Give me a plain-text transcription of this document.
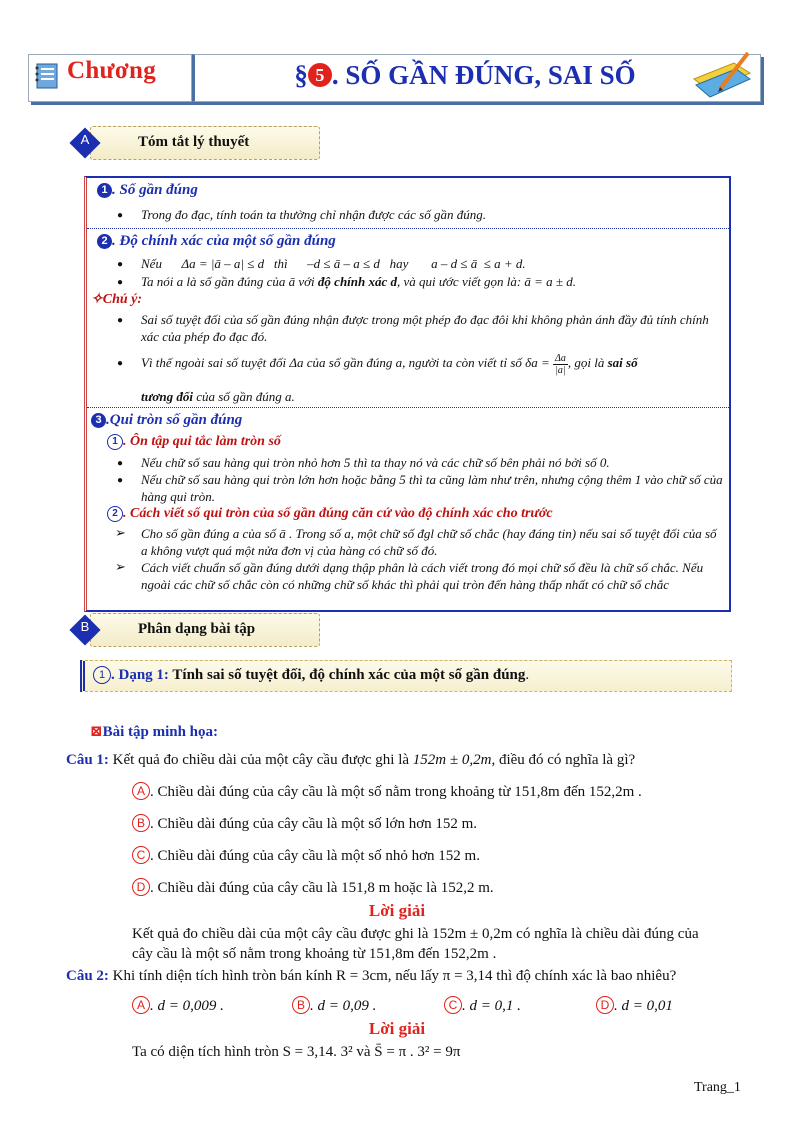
Chương	§ 5 . SỐ GẦN ĐÚNG, SAI SỐ
A	Tóm tắt lý thuyết
1 . Số gần đúng
● Trong đo đạc, tính toán ta thường chỉ nhận được các số gần đúng.
2 . Độ chính xác của một số gần đúng
● Nếu      Δa = |ā – a| ≤ d   thì      –d ≤ ā – a ≤ d   hay       a – d ≤ ā  ≤ a + d.
● Ta nói a là số gần đúng của ā với độ chính xác d, và qui ước viết gọn là: ā = a ± d.
✧Chú ý:
● Sai số tuyệt đối của số gần đúng nhận được trong một phép đo đạc đôi khi không phản ánh đầy đủ tính chính xác của phép đo đạc đó.
● Vì thế ngoài sai số tuyệt đối Δa của số gần đúng a, người ta còn viết tỉ số $\delta a = \frac{\Delta a}{|a|}$, gọi là sai số
tương đối của số gần đúng a.
3 .Qui tròn số gần đúng
1 . Ôn tập qui tắc làm tròn số
● Nếu chữ số sau hàng qui tròn nhỏ hơn 5 thì ta thay nó và các chữ số bên phải nó bởi số 0.
● Nếu chữ số sau hàng qui tròn lớn hơn hoặc bằng 5 thì ta cũng làm như trên, nhưng cộng thêm 1 vào chữ số của hàng qui tròn.
2 . Cách viết số qui tròn của số gần đúng căn cứ vào độ chính xác cho trước
➢ Cho số gần đúng a của số ā . Trong số a, một chữ số đgl chữ số chắc (hay đáng tin) nếu sai số tuyệt đối của số a không vượt quá một nửa đơn vị của hàng có chữ số đó.
➢ Cách viết chuẩn số gần đúng dưới dạng thập phân là cách viết trong đó mọi chữ số đều là chữ số chắc. Nếu ngoài các chữ số chắc còn có những chữ số khác thì phải qui tròn đến hàng thấp nhất có chữ số chắc
B	Phân dạng bài tập
1 . Dạng 1: Tính sai số tuyệt đối, độ chính xác của một số gần đúng.
⊠Bài tập minh họa:
Câu 1: Kết quả đo chiều dài của một cây cầu được ghi là 152m ± 0,2m, điều đó có nghĩa là gì?
A . Chiều dài đúng của cây cầu là một số nằm trong khoảng từ 151,8m đến 152,2m .
B . Chiều dài đúng của cây cầu là một số lớn hơn 152 m.
C . Chiều dài đúng của cây cầu là một số nhỏ hơn 152 m.
D . Chiều dài đúng của cây cầu là 151,8 m hoặc là 152,2 m.
Lời giải
Kết quả đo chiều dài của một cây cầu được ghi là 152m ± 0,2m có nghĩa là chiều dài đúng của
cây cầu là một số nằm trong khoảng từ 151,8m đến 152,2m .
Câu 2: Khi tính diện tích hình tròn bán kính R = 3cm, nếu lấy π = 3,14 thì độ chính xác là bao nhiêu?
A . d = 0,009 .	B . d = 0,09 .	C . d = 0,1 .	D . d = 0,01
Lời giải
Ta có diện tích hình tròn S = 3,14. 3² và S̄ = π . 3² = 9π
Trang_1
